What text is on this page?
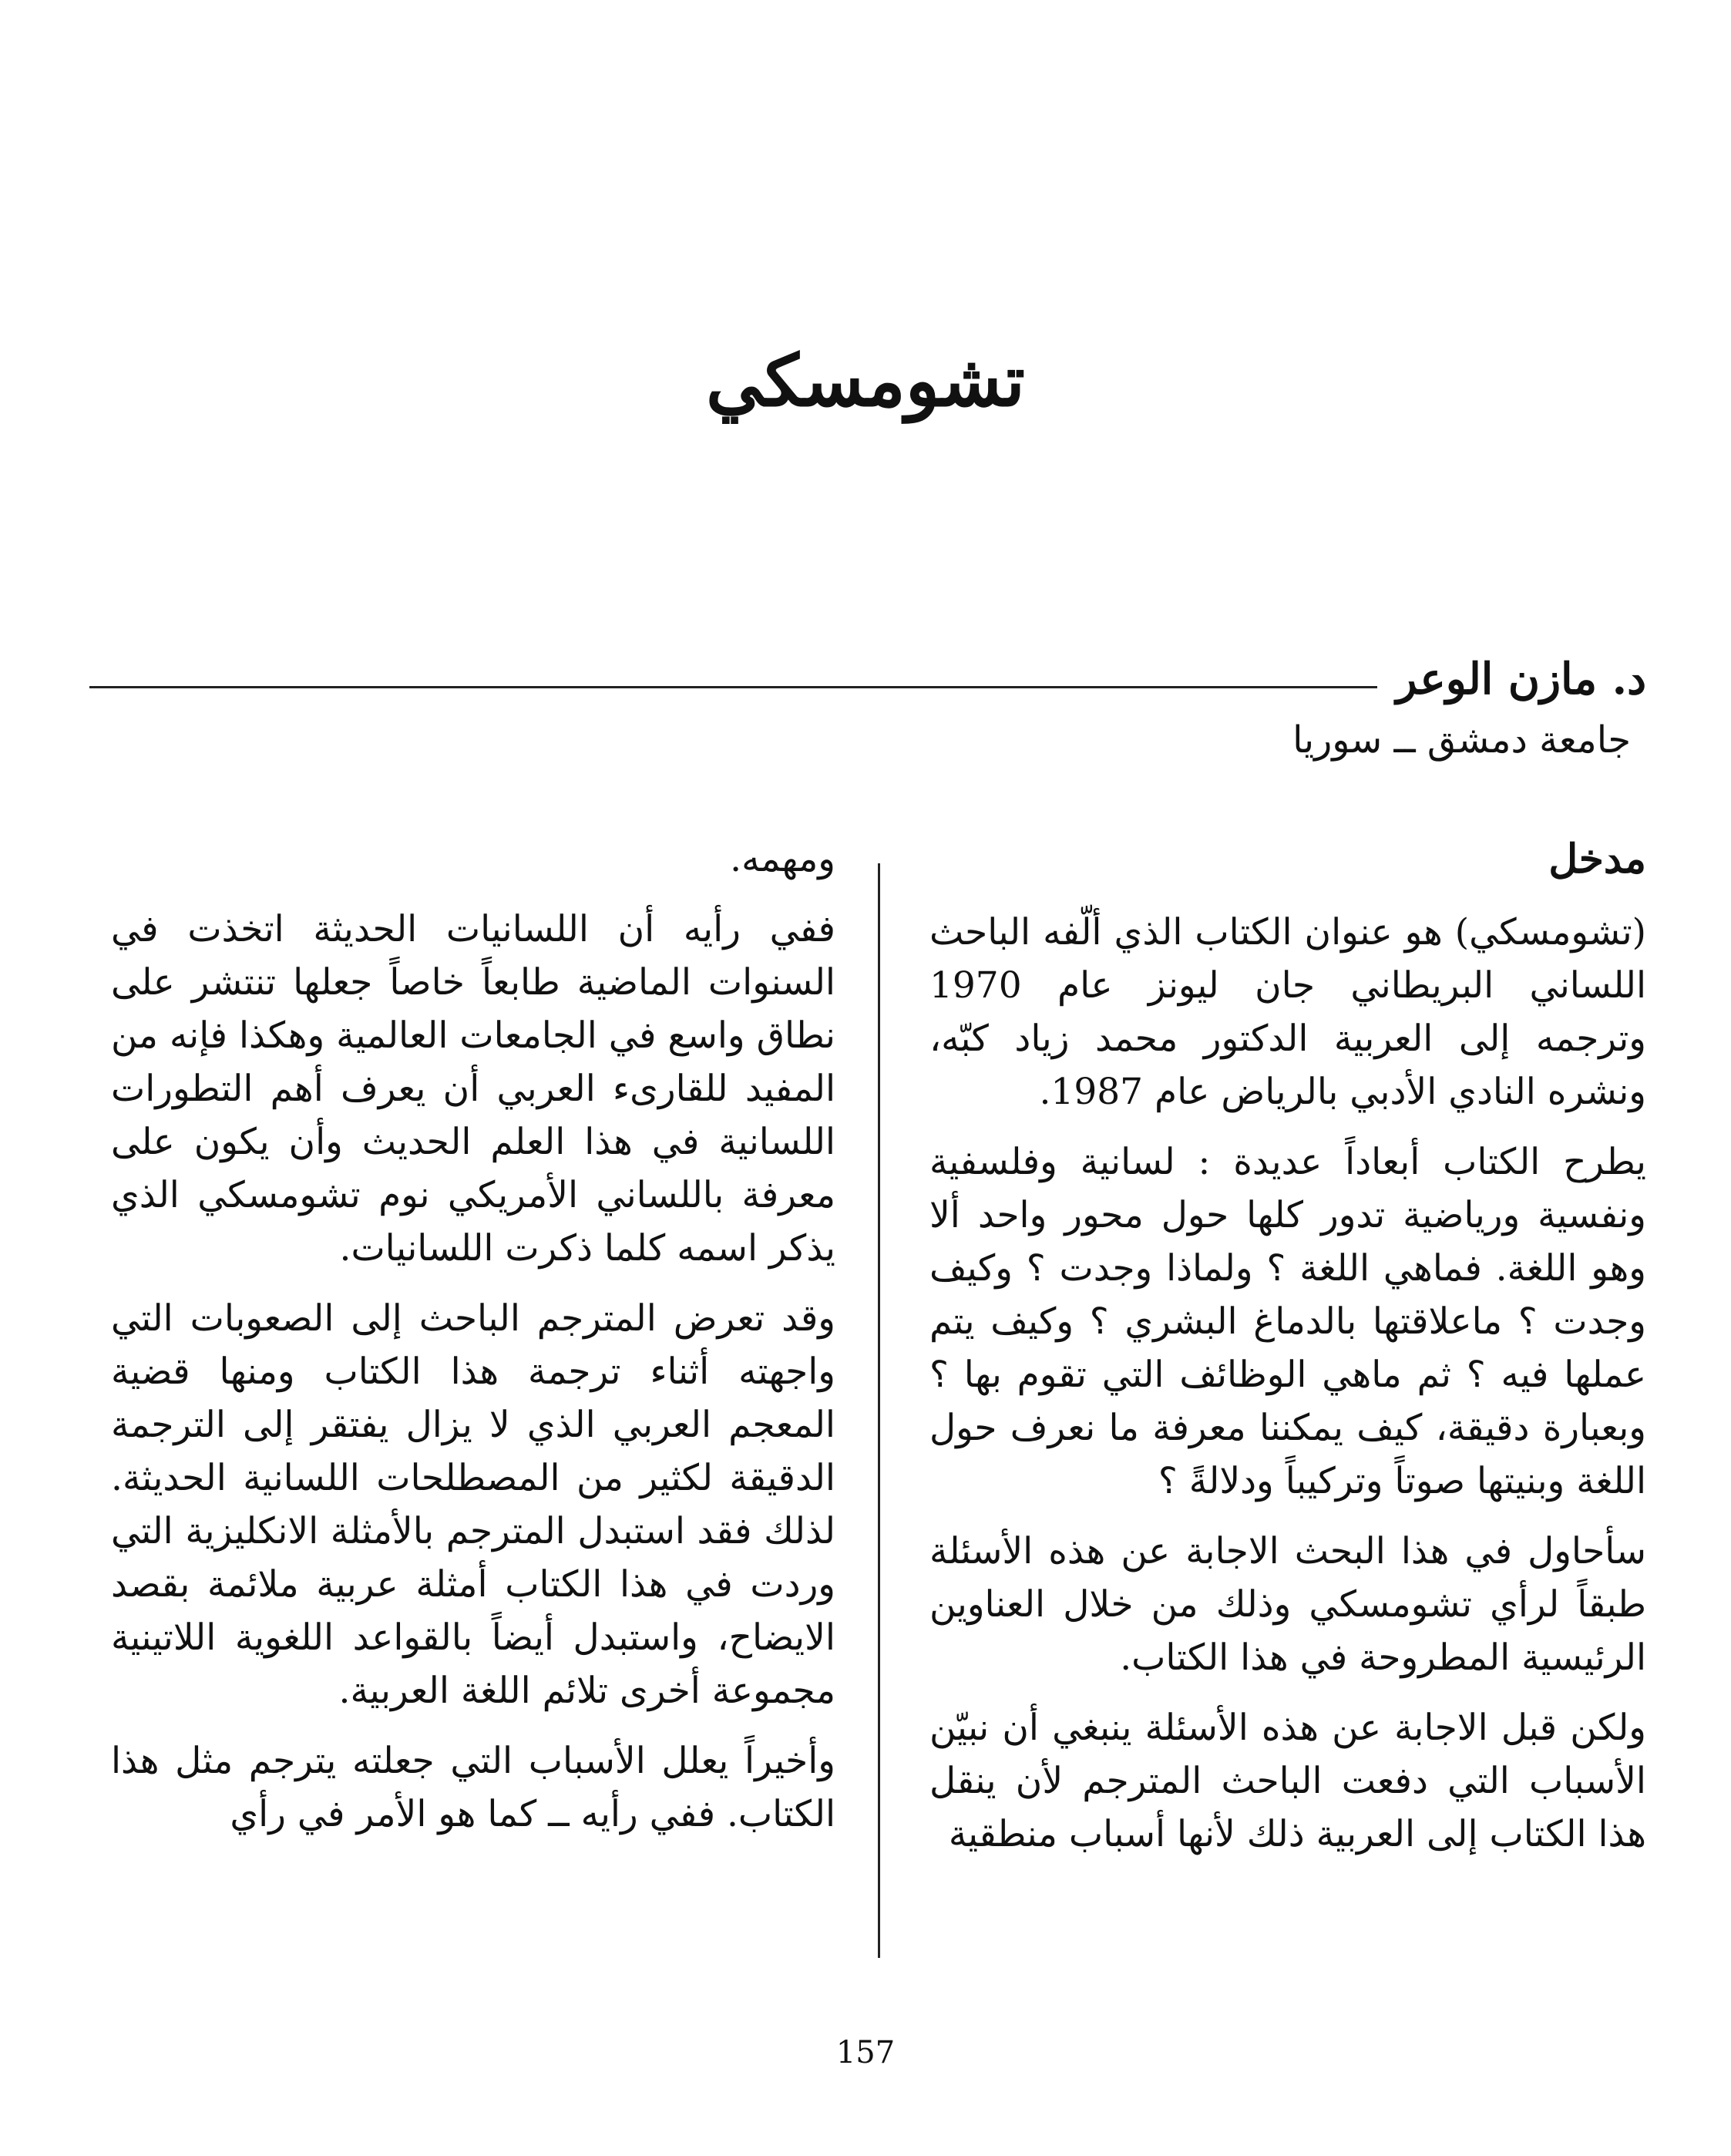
تشومسكي
د. مازن الوعر
جامعة دمشق ــ سوريا
مدخل

(تشومسكي) هو عنوان الكتاب الذي ألّفه الباحث اللساني البريطاني جان ليونز عام 1970 وترجمه إلى العربية الدكتور محمد زياد كبّه، ونشره النادي الأدبي بالرياض عام 1987.

يطرح الكتاب أبعاداً عديدة : لسانية وفلسفية ونفسية ورياضية تدور كلها حول محور واحد ألا وهو اللغة. فماهي اللغة ؟ ولماذا وجدت ؟ وكيف وجدت ؟ ماعلاقتها بالدماغ البشري ؟ وكيف يتم عملها فيه ؟ ثم ماهي الوظائف التي تقوم بها ؟ وبعبارة دقيقة، كيف يمكننا معرفة ما نعرف حول اللغة وبنيتها صوتاً وتركيباً ودلالةً ؟

سأحاول في هذا البحث الاجابة عن هذه الأسئلة طبقاً لرأي تشومسكي وذلك من خلال العناوين الرئيسية المطروحة في هذا الكتاب.

ولكن قبل الاجابة عن هذه الأسئلة ينبغي أن نبيّن الأسباب التي دفعت الباحث المترجم لأن ينقل هذا الكتاب إلى العربية ذلك لأنها أسباب منطقية

ومهمه.

ففي رأيه أن اللسانيات الحديثة اتخذت في السنوات الماضية طابعاً خاصاً جعلها تنتشر على نطاق واسع في الجامعات العالمية وهكذا فإنه من المفيد للقارىء العربي أن يعرف أهم التطورات اللسانية في هذا العلم الحديث وأن يكون على معرفة باللساني الأمريكي نوم تشومسكي الذي يذكر اسمه كلما ذكرت اللسانيات.

وقد تعرض المترجم الباحث إلى الصعوبات التي واجهته أثناء ترجمة هذا الكتاب ومنها قضية المعجم العربي الذي لا يزال يفتقر إلى الترجمة الدقيقة لكثير من المصطلحات اللسانية الحديثة. لذلك فقد استبدل المترجم بالأمثلة الانكليزية التي وردت في هذا الكتاب أمثلة عربية ملائمة بقصد الايضاح، واستبدل أيضاً بالقواعد اللغوية اللاتينية مجموعة أخرى تلائم اللغة العربية.

وأخيراً يعلل الأسباب التي جعلته يترجم مثل هذا الكتاب. ففي رأيه ــ كما هو الأمر في رأي

157
